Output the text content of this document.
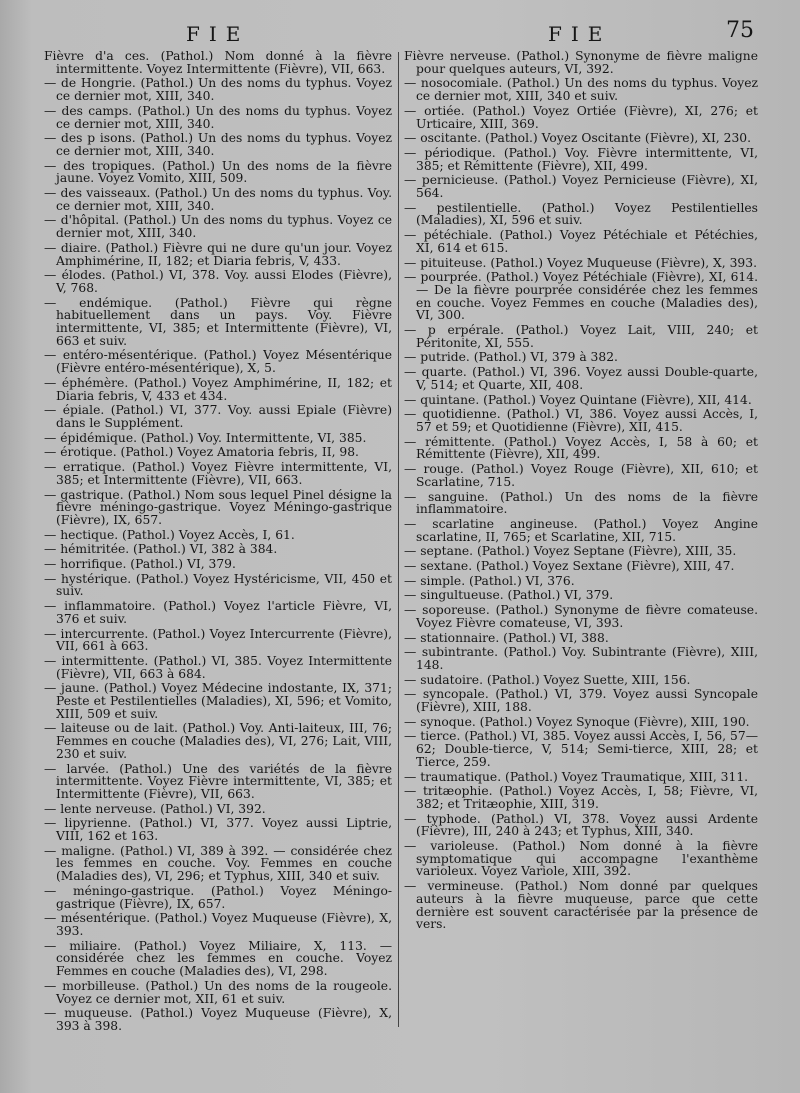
FIE	FIE	75

Fièvre d'a ces. (Pathol.) Nom donné à la fièvre intermittente. Voyez Intermittente (Fièvre), VII, 663.

— de Hongrie. (Pathol.) Un des noms du typhus. Voyez ce dernier mot, XIII, 340.

— des camps. (Pathol.) Un des noms du typhus. Voyez ce dernier mot, XIII, 340.

— des p isons. (Pathol.) Un des noms du typhus. Voyez ce dernier mot, XIII, 340.

— des tropiques. (Pathol.) Un des noms de la fièvre jaune. Voyez Vomito, XIII, 509.

— des vaisseaux. (Pathol.) Un des noms du typhus. Voy. ce dernier mot, XIII, 340.

— d'hôpital. (Pathol.) Un des noms du typhus. Voyez ce dernier mot, XIII, 340.

— diaire. (Pathol.) Fièvre qui ne dure qu'un jour. Voyez Amphimérine, II, 182; et Diaria febris, V, 433.

— élodes. (Pathol.) VI, 378. Voy. aussi Elodes (Fièvre), V, 768.

— endémique. (Pathol.) Fièvre qui règne habituellement dans un pays. Voy. Fièvre intermittente, VI, 385; et Intermittente (Fièvre), VI, 663 et suiv.

— entéro-mésentérique. (Pathol.) Voyez Mésentérique (Fièvre entéro-mésentérique), X, 5.

— éphémère. (Pathol.) Voyez Amphimérine, II, 182; et Diaria febris, V, 433 et 434.

— épiale. (Pathol.) VI, 377. Voy. aussi Epiale (Fièvre) dans le Supplément.

— épidémique. (Pathol.) Voy. Intermittente, VI, 385.

— érotique. (Pathol.) Voyez Amatoria febris, II, 98.

— erratique. (Pathol.) Voyez Fièvre intermittente, VI, 385; et Intermittente (Fièvre), VII, 663.

— gastrique. (Pathol.) Nom sous lequel Pinel désigne la fièvre méningo-gastrique. Voyez Méningo-gastrique (Fièvre), IX, 657.

— hectique. (Pathol.) Voyez Accès, I, 61.

— hémitritée. (Pathol.) VI, 382 à 384.

— horrifique. (Pathol.) VI, 379.

— hystérique. (Pathol.) Voyez Hystéricisme, VII, 450 et suiv.

— inflammatoire. (Pathol.) Voyez l'article Fièvre, VI, 376 et suiv.

— intercurrente. (Pathol.) Voyez Intercurrente (Fièvre), VII, 661 à 663.

— intermittente. (Pathol.) VI, 385. Voyez Intermittente (Fièvre), VII, 663 à 684.

— jaune. (Pathol.) Voyez Médecine indostante, IX, 371; Peste et Pestilentielles (Maladies), XI, 596; et Vomito, XIII, 509 et suiv.

— laiteuse ou de lait. (Pathol.) Voy. Anti-laiteux, III, 76; Femmes en couche (Maladies des), VI, 276; Lait, VIII, 230 et suiv.

— larvée. (Pathol.) Une des variétés de la fièvre intermittente. Voyez Fièvre intermittente, VI, 385; et Intermittente (Fièvre), VII, 663.

— lente nerveuse. (Pathol.) VI, 392.

— lipyrienne. (Pathol.) VI, 377. Voyez aussi Liptrie, VIII, 162 et 163.

— maligne. (Pathol.) VI, 389 à 392. — considérée chez les femmes en couche. Voy. Femmes en couche (Maladies des), VI, 296; et Typhus, XIII, 340 et suiv.

— méningo-gastrique. (Pathol.) Voyez Méningo-gastrique (Fièvre), IX, 657.

— mésentérique. (Pathol.) Voyez Muqueuse (Fièvre), X, 393.

— miliaire. (Pathol.) Voyez Miliaire, X, 113. — considérée chez les femmes en couche. Voyez Femmes en couche (Maladies des), VI, 298.

— morbilleuse. (Pathol.) Un des noms de la rougeole. Voyez ce dernier mot, XII, 61 et suiv.

— muqueuse. (Pathol.) Voyez Muqueuse (Fièvre), X, 393 à 398.

Fièvre nerveuse. (Pathol.) Synonyme de fièvre maligne pour quelques auteurs, VI, 392.

— nosocomiale. (Pathol.) Un des noms du typhus. Voyez ce dernier mot, XIII, 340 et suiv.

— ortiée. (Pathol.) Voyez Ortiée (Fièvre), XI, 276; et Urticaire, XIII, 369.

— oscitante. (Pathol.) Voyez Oscitante (Fièvre), XI, 230.

— périodique. (Pathol.) Voy. Fièvre intermittente, VI, 385; et Rémittente (Fièvre), XII, 499.

— pernicieuse. (Pathol.) Voyez Pernicieuse (Fièvre), XI, 564.

— pestilentielle. (Pathol.) Voyez Pestilentielles (Maladies), XI, 596 et suiv.

— pétéchiale. (Pathol.) Voyez Pétéchiale et Pétéchies, XI, 614 et 615.

— pituiteuse. (Pathol.) Voyez Muqueuse (Fièvre), X, 393.

— pourprée. (Pathol.) Voyez Pétéchiale (Fièvre), XI, 614. — De la fièvre pourprée considérée chez les femmes en couche. Voyez Femmes en couche (Maladies des), VI, 300.

— p erpérale. (Pathol.) Voyez Lait, VIII, 240; et Péritonite, XI, 555.

— putride. (Pathol.) VI, 379 à 382.

— quarte. (Pathol.) VI, 396. Voyez aussi Double-quarte, V, 514; et Quarte, XII, 408.

— quintane. (Pathol.) Voyez Quintane (Fièvre), XII, 414.

— quotidienne. (Pathol.) VI, 386. Voyez aussi Accès, I, 57 et 59; et Quotidienne (Fièvre), XII, 415.

— rémittente. (Pathol.) Voyez Accès, I, 58 à 60; et Rémittente (Fièvre), XII, 499.

— rouge. (Pathol.) Voyez Rouge (Fièvre), XII, 610; et Scarlatine, 715.

— sanguine. (Pathol.) Un des noms de la fièvre inflammatoire.

— scarlatine angineuse. (Pathol.) Voyez Angine scarlatine, II, 765; et Scarlatine, XII, 715.

— septane. (Pathol.) Voyez Septane (Fièvre), XIII, 35.

— sextane. (Pathol.) Voyez Sextane (Fièvre), XIII, 47.

— simple. (Pathol.) VI, 376.

— singultueuse. (Pathol.) VI, 379.

— soporeuse. (Pathol.) Synonyme de fièvre comateuse. Voyez Fièvre comateuse, VI, 393.

— stationnaire. (Pathol.) VI, 388.

— subintrante. (Pathol.) Voy. Subintrante (Fièvre), XIII, 148.

— sudatoire. (Pathol.) Voyez Suette, XIII, 156.

— syncopale. (Pathol.) VI, 379. Voyez aussi Syncopale (Fièvre), XIII, 188.

— synoque. (Pathol.) Voyez Synoque (Fièvre), XIII, 190.

— tierce. (Pathol.) VI, 385. Voyez aussi Accès, I, 56, 57—62; Double-tierce, V, 514; Semi-tierce, XIII, 28; et Tierce, 259.

— traumatique. (Pathol.) Voyez Traumatique, XIII, 311.

— tritæophie. (Pathol.) Voyez Accès, I, 58; Fièvre, VI, 382; et Tritæophie, XIII, 319.

— typhode. (Pathol.) VI, 378. Voyez aussi Ardente (Fièvre), III, 240 à 243; et Typhus, XIII, 340.

— varioleuse. (Pathol.) Nom donné à la fièvre symptomatique qui accompagne l'exanthème varioleux. Voyez Variole, XIII, 392.

— vermineuse. (Pathol.) Nom donné par quelques auteurs à la fièvre muqueuse, parce que cette dernière est souvent caractérisée par la présence de vers.
